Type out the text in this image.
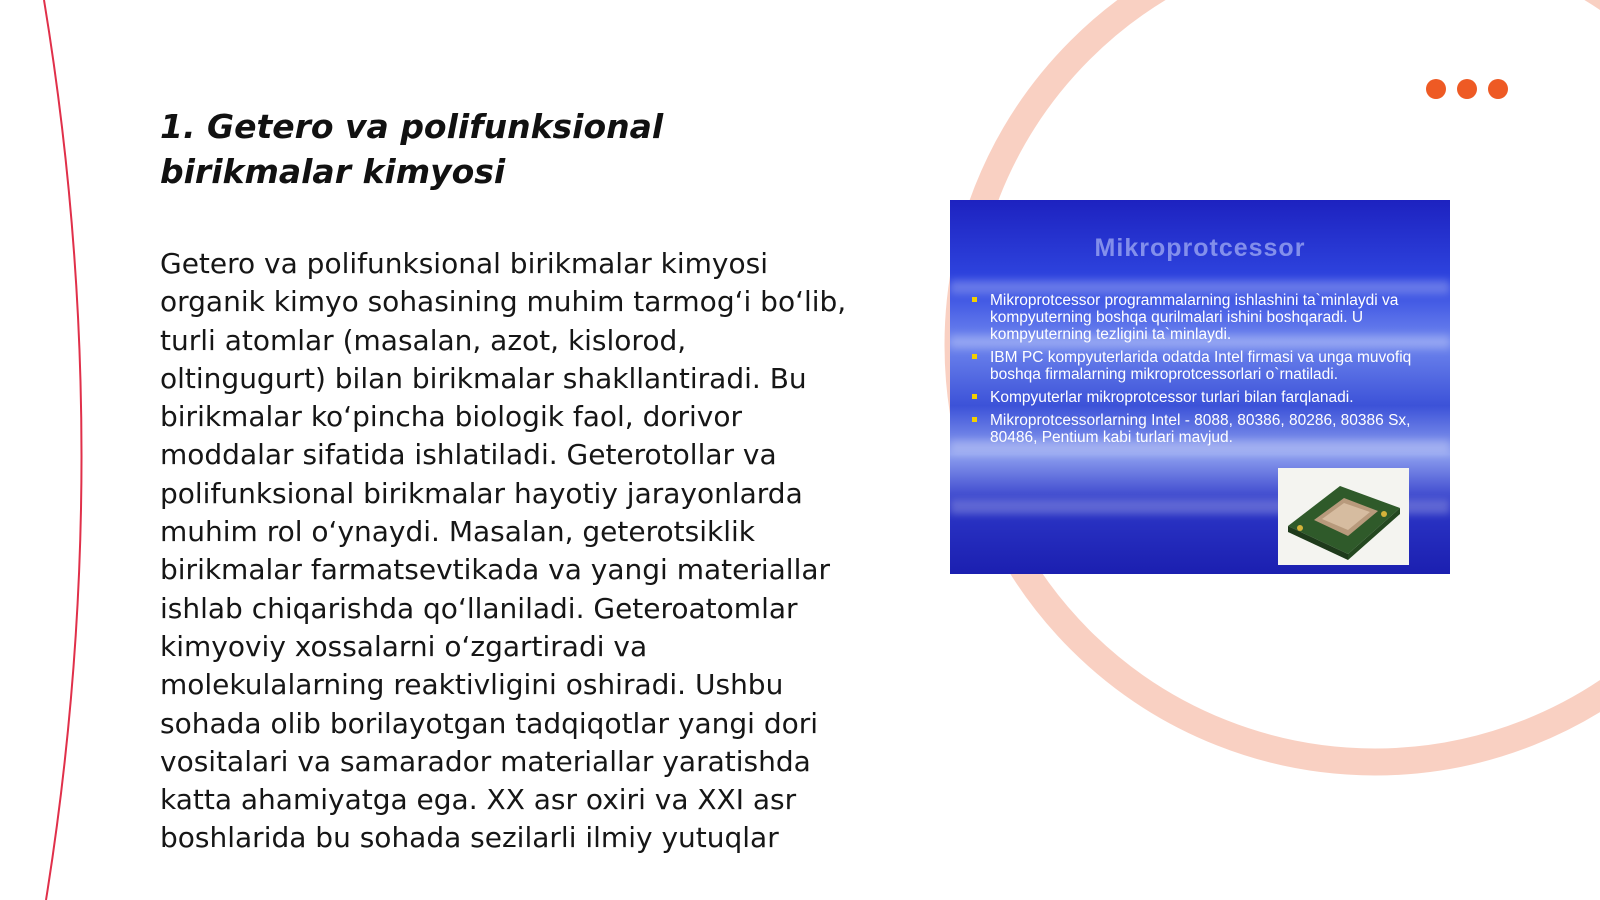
1. Getero va polifunksional birikmalar kimyosi

Getero va polifunksional birikmalar kimyosi organik kimyo sohasining muhim tarmog‘i bo‘lib, turli atomlar (masalan, azot, kislorod, oltingugurt) bilan birikmalar shakllantiradi. Bu birikmalar ko‘pincha biologik faol, dorivor moddalar sifatida ishlatiladi. Geterotollar va polifunksional birikmalar hayotiy jarayonlarda muhim rol o‘ynaydi. Masalan, geterotsiklik birikmalar farmatsevtikada va yangi materiallar ishlab chiqarishda qo‘llaniladi. Geteroatomlar kimyoviy xossalarni o‘zgartiradi va molekulalarning reaktivligini oshiradi. Ushbu sohada olib borilayotgan tadqiqotlar yangi dori vositalari va samarador materiallar yaratishda katta ahamiyatga ega. XX asr oxiri va XXI asr boshlarida bu sohada sezilarli ilmiy yutuqlar

Mikroprotcessor
Mikroprotcessor programmalarning ishlashini ta`minlaydi va kompyuterning boshqa qurilmalari ishini boshqaradi. U kompyuterning tezligini ta`minlaydi.
IBM PC kompyuterlarida odatda Intel firmasi va unga muvofiq boshqa firmalarning mikroprotcessorlari o`rnatiladi.
Kompyuterlar mikroprotcessor turlari bilan farqlanadi.
Mikroprotcessorlarning Intel - 8088, 80386, 80286, 80386 Sx, 80486, Pentium kabi turlari mavjud.
